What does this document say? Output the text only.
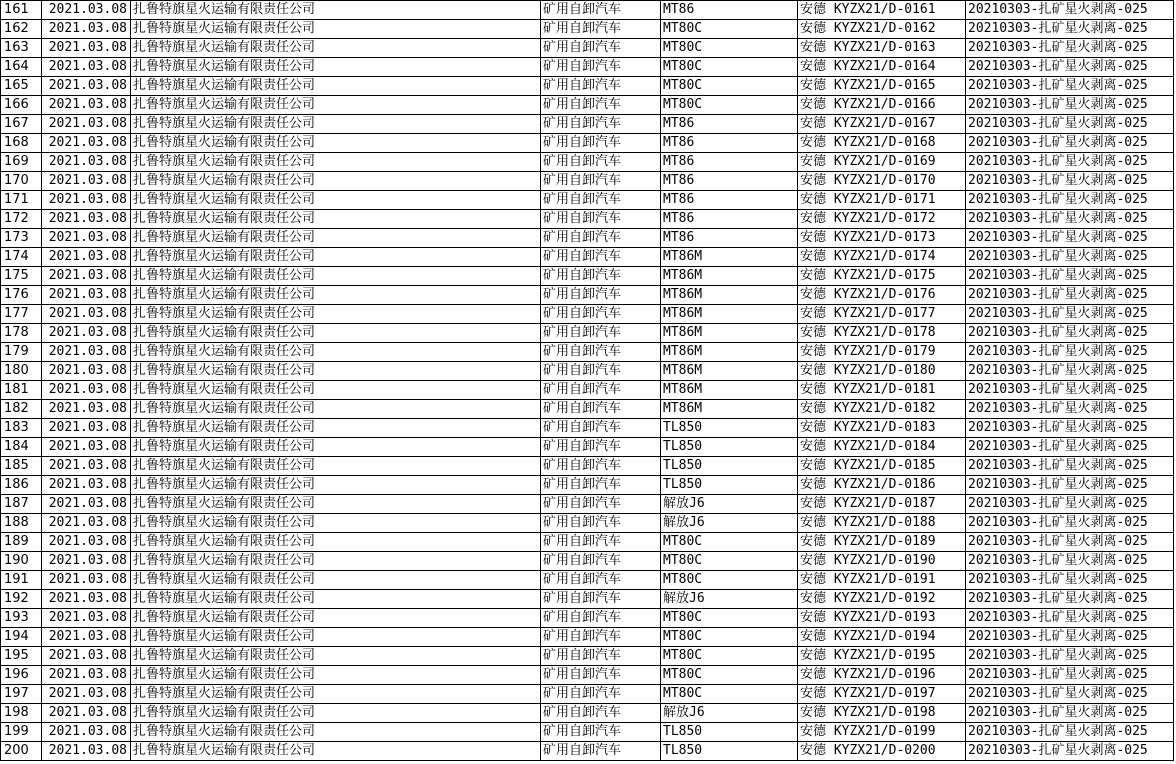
161	2021.03.08	扎鲁特旗星火运输有限责任公司	矿用自卸汽车	MT86	安德 KYZX21/D-0161	20210303-扎矿星火剥离-025
162	2021.03.08	扎鲁特旗星火运输有限责任公司	矿用自卸汽车	MT80C	安德 KYZX21/D-0162	20210303-扎矿星火剥离-025
163	2021.03.08	扎鲁特旗星火运输有限责任公司	矿用自卸汽车	MT80C	安德 KYZX21/D-0163	20210303-扎矿星火剥离-025
164	2021.03.08	扎鲁特旗星火运输有限责任公司	矿用自卸汽车	MT80C	安德 KYZX21/D-0164	20210303-扎矿星火剥离-025
165	2021.03.08	扎鲁特旗星火运输有限责任公司	矿用自卸汽车	MT80C	安德 KYZX21/D-0165	20210303-扎矿星火剥离-025
166	2021.03.08	扎鲁特旗星火运输有限责任公司	矿用自卸汽车	MT80C	安德 KYZX21/D-0166	20210303-扎矿星火剥离-025
167	2021.03.08	扎鲁特旗星火运输有限责任公司	矿用自卸汽车	MT86	安德 KYZX21/D-0167	20210303-扎矿星火剥离-025
168	2021.03.08	扎鲁特旗星火运输有限责任公司	矿用自卸汽车	MT86	安德 KYZX21/D-0168	20210303-扎矿星火剥离-025
169	2021.03.08	扎鲁特旗星火运输有限责任公司	矿用自卸汽车	MT86	安德 KYZX21/D-0169	20210303-扎矿星火剥离-025
170	2021.03.08	扎鲁特旗星火运输有限责任公司	矿用自卸汽车	MT86	安德 KYZX21/D-0170	20210303-扎矿星火剥离-025
171	2021.03.08	扎鲁特旗星火运输有限责任公司	矿用自卸汽车	MT86	安德 KYZX21/D-0171	20210303-扎矿星火剥离-025
172	2021.03.08	扎鲁特旗星火运输有限责任公司	矿用自卸汽车	MT86	安德 KYZX21/D-0172	20210303-扎矿星火剥离-025
173	2021.03.08	扎鲁特旗星火运输有限责任公司	矿用自卸汽车	MT86	安德 KYZX21/D-0173	20210303-扎矿星火剥离-025
174	2021.03.08	扎鲁特旗星火运输有限责任公司	矿用自卸汽车	MT86M	安德 KYZX21/D-0174	20210303-扎矿星火剥离-025
175	2021.03.08	扎鲁特旗星火运输有限责任公司	矿用自卸汽车	MT86M	安德 KYZX21/D-0175	20210303-扎矿星火剥离-025
176	2021.03.08	扎鲁特旗星火运输有限责任公司	矿用自卸汽车	MT86M	安德 KYZX21/D-0176	20210303-扎矿星火剥离-025
177	2021.03.08	扎鲁特旗星火运输有限责任公司	矿用自卸汽车	MT86M	安德 KYZX21/D-0177	20210303-扎矿星火剥离-025
178	2021.03.08	扎鲁特旗星火运输有限责任公司	矿用自卸汽车	MT86M	安德 KYZX21/D-0178	20210303-扎矿星火剥离-025
179	2021.03.08	扎鲁特旗星火运输有限责任公司	矿用自卸汽车	MT86M	安德 KYZX21/D-0179	20210303-扎矿星火剥离-025
180	2021.03.08	扎鲁特旗星火运输有限责任公司	矿用自卸汽车	MT86M	安德 KYZX21/D-0180	20210303-扎矿星火剥离-025
181	2021.03.08	扎鲁特旗星火运输有限责任公司	矿用自卸汽车	MT86M	安德 KYZX21/D-0181	20210303-扎矿星火剥离-025
182	2021.03.08	扎鲁特旗星火运输有限责任公司	矿用自卸汽车	MT86M	安德 KYZX21/D-0182	20210303-扎矿星火剥离-025
183	2021.03.08	扎鲁特旗星火运输有限责任公司	矿用自卸汽车	TL850	安德 KYZX21/D-0183	20210303-扎矿星火剥离-025
184	2021.03.08	扎鲁特旗星火运输有限责任公司	矿用自卸汽车	TL850	安德 KYZX21/D-0184	20210303-扎矿星火剥离-025
185	2021.03.08	扎鲁特旗星火运输有限责任公司	矿用自卸汽车	TL850	安德 KYZX21/D-0185	20210303-扎矿星火剥离-025
186	2021.03.08	扎鲁特旗星火运输有限责任公司	矿用自卸汽车	TL850	安德 KYZX21/D-0186	20210303-扎矿星火剥离-025
187	2021.03.08	扎鲁特旗星火运输有限责任公司	矿用自卸汽车	解放J6	安德 KYZX21/D-0187	20210303-扎矿星火剥离-025
188	2021.03.08	扎鲁特旗星火运输有限责任公司	矿用自卸汽车	解放J6	安德 KYZX21/D-0188	20210303-扎矿星火剥离-025
189	2021.03.08	扎鲁特旗星火运输有限责任公司	矿用自卸汽车	MT80C	安德 KYZX21/D-0189	20210303-扎矿星火剥离-025
190	2021.03.08	扎鲁特旗星火运输有限责任公司	矿用自卸汽车	MT80C	安德 KYZX21/D-0190	20210303-扎矿星火剥离-025
191	2021.03.08	扎鲁特旗星火运输有限责任公司	矿用自卸汽车	MT80C	安德 KYZX21/D-0191	20210303-扎矿星火剥离-025
192	2021.03.08	扎鲁特旗星火运输有限责任公司	矿用自卸汽车	解放J6	安德 KYZX21/D-0192	20210303-扎矿星火剥离-025
193	2021.03.08	扎鲁特旗星火运输有限责任公司	矿用自卸汽车	MT80C	安德 KYZX21/D-0193	20210303-扎矿星火剥离-025
194	2021.03.08	扎鲁特旗星火运输有限责任公司	矿用自卸汽车	MT80C	安德 KYZX21/D-0194	20210303-扎矿星火剥离-025
195	2021.03.08	扎鲁特旗星火运输有限责任公司	矿用自卸汽车	MT80C	安德 KYZX21/D-0195	20210303-扎矿星火剥离-025
196	2021.03.08	扎鲁特旗星火运输有限责任公司	矿用自卸汽车	MT80C	安德 KYZX21/D-0196	20210303-扎矿星火剥离-025
197	2021.03.08	扎鲁特旗星火运输有限责任公司	矿用自卸汽车	MT80C	安德 KYZX21/D-0197	20210303-扎矿星火剥离-025
198	2021.03.08	扎鲁特旗星火运输有限责任公司	矿用自卸汽车	解放J6	安德 KYZX21/D-0198	20210303-扎矿星火剥离-025
199	2021.03.08	扎鲁特旗星火运输有限责任公司	矿用自卸汽车	TL850	安德 KYZX21/D-0199	20210303-扎矿星火剥离-025
200	2021.03.08	扎鲁特旗星火运输有限责任公司	矿用自卸汽车	TL850	安德 KYZX21/D-0200	20210303-扎矿星火剥离-025
